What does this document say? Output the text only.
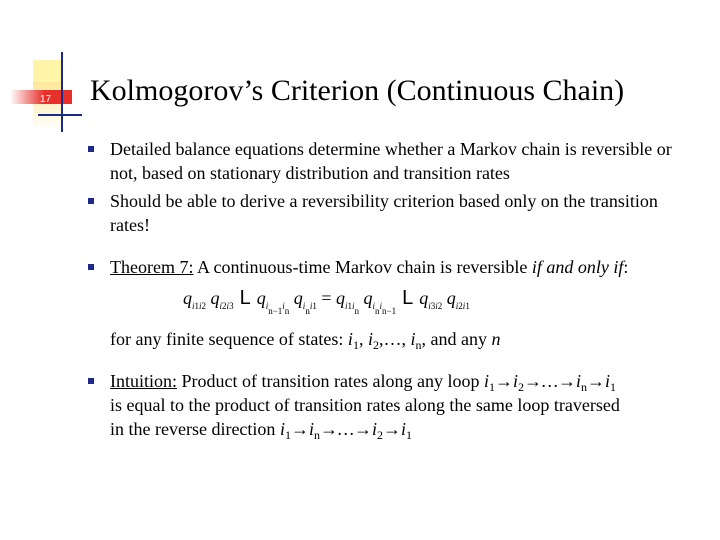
17 Kolmogorov’s Criterion (Continuous Chain)
Detailed balance equations determine whether a Markov chain is reversible or not, based on stationary distribution and transition rates
Should be able to derive a reversibility criterion based only on the transition rates!
Theorem 7: A continuous-time Markov chain is reversible if and only if:
$q_{i1i2}$ $q_{i2i3}$ L $q_{i_{n-1}i_n}$ $q_{i_ni1} = q_{i1i_n}$ $q_{i_ni_{n-1}}L$ $q_{i3i2}$ $q_{i2i1}$
for any finite sequence of states: $i_1$, $i_2,\dots$, $i_n$, and any n
Intuition: Product of transition rates along any loop $i_1\to i_2\to\dots\to i_n\to i_1$
is equal to the product of transition rates along the same loop traversed
in the reverse direction $i_1\to i_n\to\dots\to i_2\to i_1$
